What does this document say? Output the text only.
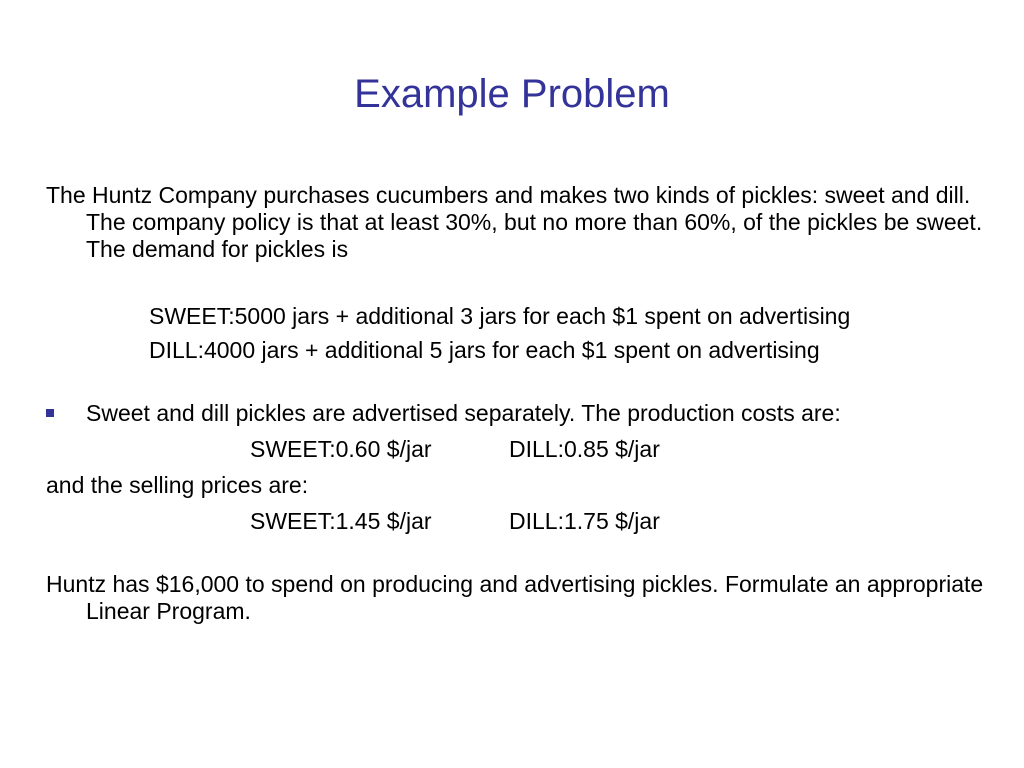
Example Problem

The Huntz Company purchases cucumbers and makes two kinds of pickles: sweet and dill. The company policy is that at least 30%, but no more than 60%, of the pickles be sweet. The demand for pickles is

SWEET:5000 jars + additional 3 jars for each $1 spent on advertising

DILL:4000 jars + additional 5 jars for each $1 spent on advertising

Sweet and dill pickles are advertised separately. The production costs are:

SWEET:0.60 $/jar	DILL:0.85 $/jar

and the selling prices are:

SWEET:1.45 $/jar	DILL:1.75 $/jar

Huntz has $16,000 to spend on producing and advertising pickles. Formulate an appropriate Linear Program.
